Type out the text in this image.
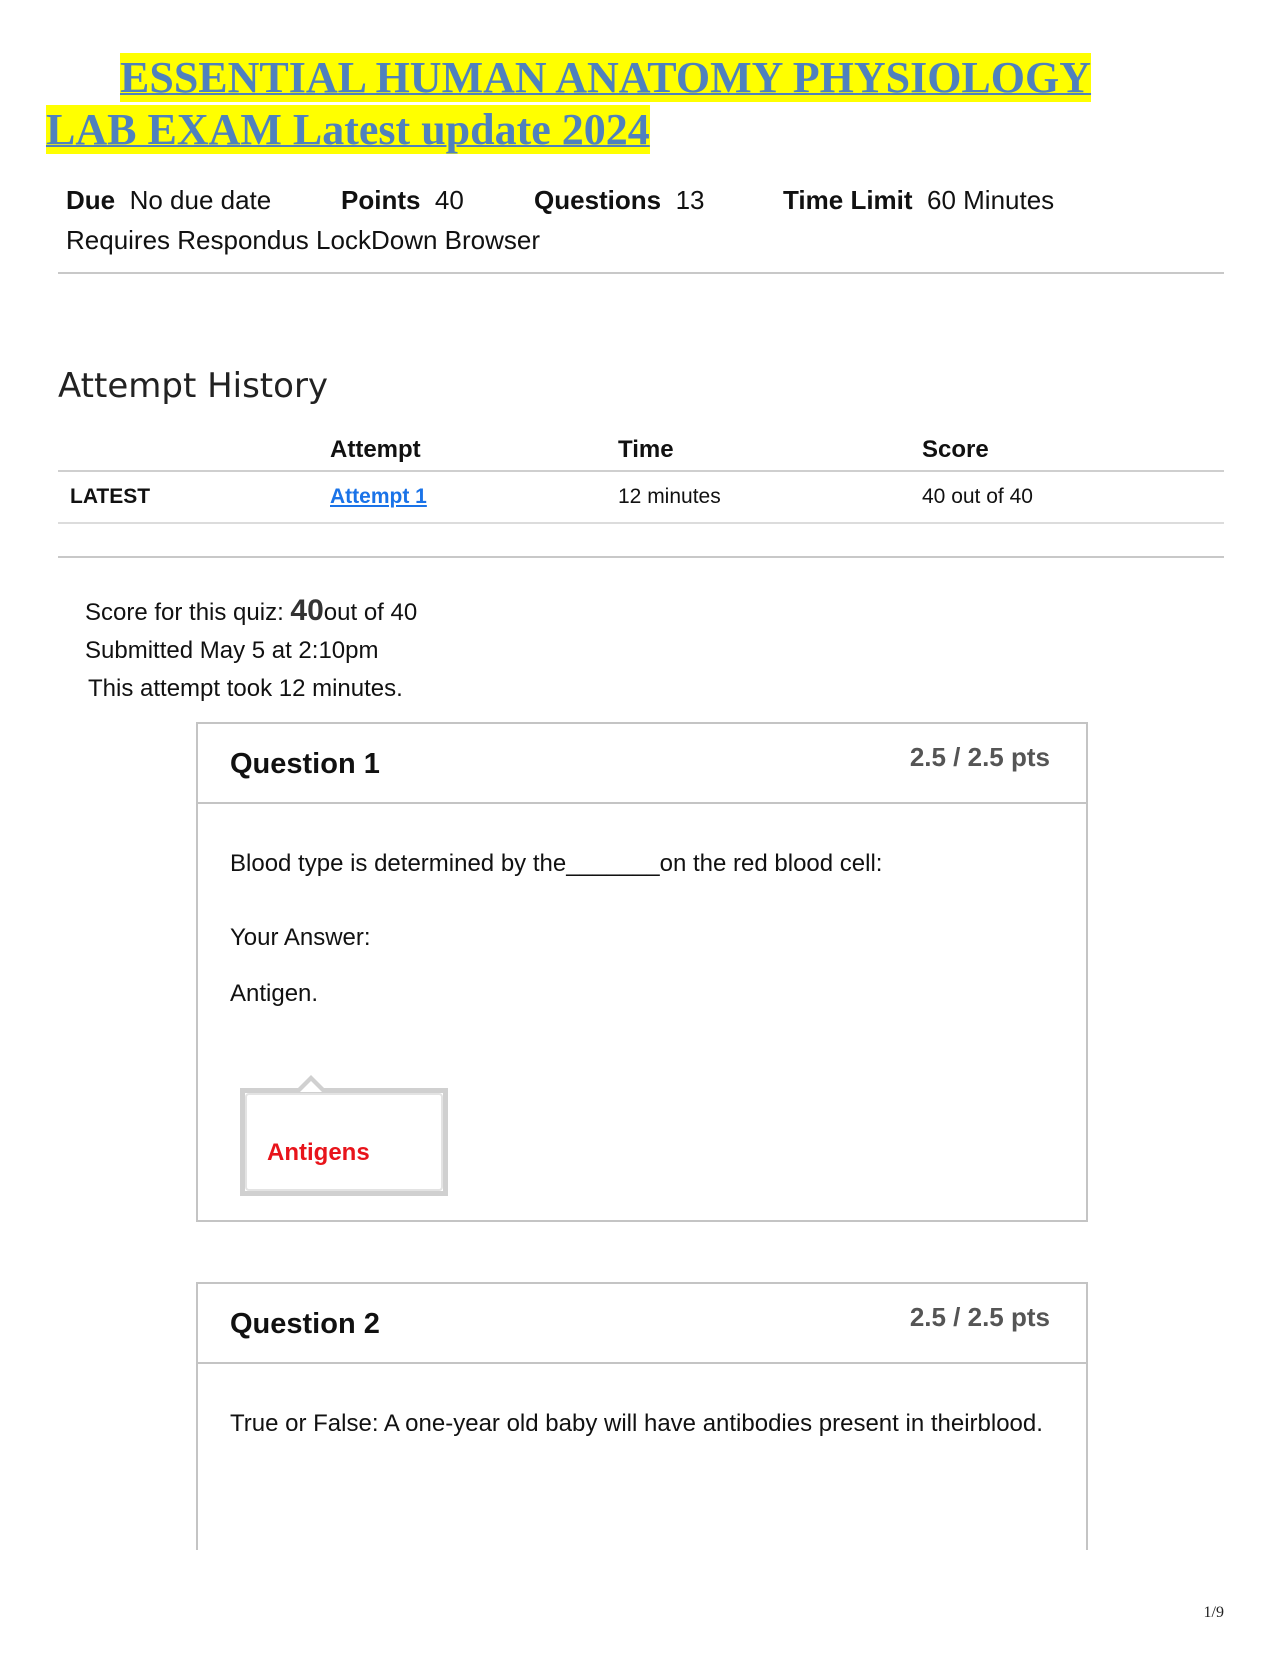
ESSENTIAL HUMAN ANATOMY PHYSIOLOGY
LAB EXAM Latest update 2024
Due No due date	Points 40	Questions 13	Time Limit 60 Minutes
Requires Respondus LockDown Browser
Attempt History
	Attempt	Time	Score
LATEST	Attempt 1	12 minutes	40 out of 40
Score for this quiz: 40out of 40
Submitted May 5 at 2:10pm
This attempt took 12 minutes.
Question 1	2.5 / 2.5 pts
Blood type is determined by the_______on the red blood cell:
Your Answer:
Antigen.
Antigens
Question 2	2.5 / 2.5 pts
True or False: A one-year old baby will have antibodies present in theirblood.
1/9
